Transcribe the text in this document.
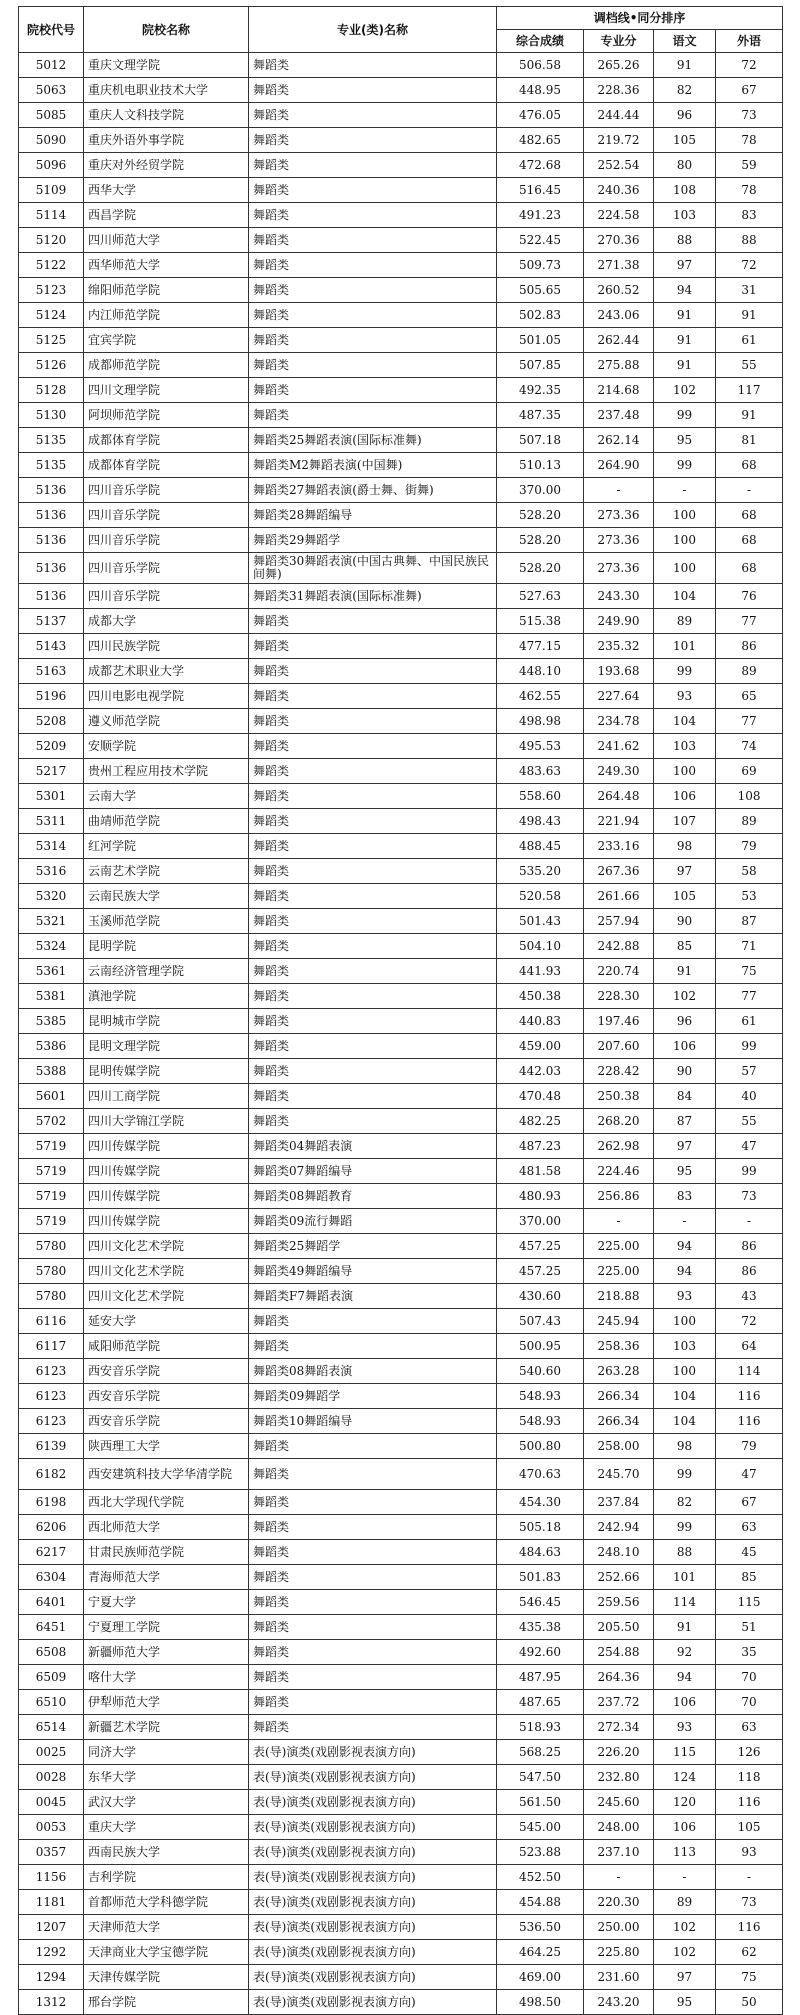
院校代号	院校名称	专业(类)名称	调档线•同分排序			
			综合成绩	专业分	语文	外语
5012	重庆文理学院	舞蹈类	506.58	265.26	91	72
5063	重庆机电职业技术大学	舞蹈类	448.95	228.36	82	67
5085	重庆人文科技学院	舞蹈类	476.05	244.44	96	73
5090	重庆外语外事学院	舞蹈类	482.65	219.72	105	78
5096	重庆对外经贸学院	舞蹈类	472.68	252.54	80	59
5109	西华大学	舞蹈类	516.45	240.36	108	78
5114	西昌学院	舞蹈类	491.23	224.58	103	83
5120	四川师范大学	舞蹈类	522.45	270.36	88	88
5122	西华师范大学	舞蹈类	509.73	271.38	97	72
5123	绵阳师范学院	舞蹈类	505.65	260.52	94	31
5124	内江师范学院	舞蹈类	502.83	243.06	91	91
5125	宜宾学院	舞蹈类	501.05	262.44	91	61
5126	成都师范学院	舞蹈类	507.85	275.88	91	55
5128	四川文理学院	舞蹈类	492.35	214.68	102	117
5130	阿坝师范学院	舞蹈类	487.35	237.48	99	91
5135	成都体育学院	舞蹈类25舞蹈表演(国际标准舞)	507.18	262.14	95	81
5135	成都体育学院	舞蹈类M2舞蹈表演(中国舞)	510.13	264.90	99	68
5136	四川音乐学院	舞蹈类27舞蹈表演(爵士舞、街舞)	370.00	-	-	-
5136	四川音乐学院	舞蹈类28舞蹈编导	528.20	273.36	100	68
5136	四川音乐学院	舞蹈类29舞蹈学	528.20	273.36	100	68
5136	四川音乐学院	舞蹈类30舞蹈表演(中国古典舞、中国民族民间舞)	528.20	273.36	100	68
5136	四川音乐学院	舞蹈类31舞蹈表演(国际标准舞)	527.63	243.30	104	76
5137	成都大学	舞蹈类	515.38	249.90	89	77
5143	四川民族学院	舞蹈类	477.15	235.32	101	86
5163	成都艺术职业大学	舞蹈类	448.10	193.68	99	89
5196	四川电影电视学院	舞蹈类	462.55	227.64	93	65
5208	遵义师范学院	舞蹈类	498.98	234.78	104	77
5209	安顺学院	舞蹈类	495.53	241.62	103	74
5217	贵州工程应用技术学院	舞蹈类	483.63	249.30	100	69
5301	云南大学	舞蹈类	558.60	264.48	106	108
5311	曲靖师范学院	舞蹈类	498.43	221.94	107	89
5314	红河学院	舞蹈类	488.45	233.16	98	79
5316	云南艺术学院	舞蹈类	535.20	267.36	97	58
5320	云南民族大学	舞蹈类	520.58	261.66	105	53
5321	玉溪师范学院	舞蹈类	501.43	257.94	90	87
5324	昆明学院	舞蹈类	504.10	242.88	85	71
5361	云南经济管理学院	舞蹈类	441.93	220.74	91	75
5381	滇池学院	舞蹈类	450.38	228.30	102	77
5385	昆明城市学院	舞蹈类	440.83	197.46	96	61
5386	昆明文理学院	舞蹈类	459.00	207.60	106	99
5388	昆明传媒学院	舞蹈类	442.03	228.42	90	57
5601	四川工商学院	舞蹈类	470.48	250.38	84	40
5702	四川大学锦江学院	舞蹈类	482.25	268.20	87	55
5719	四川传媒学院	舞蹈类04舞蹈表演	487.23	262.98	97	47
5719	四川传媒学院	舞蹈类07舞蹈编导	481.58	224.46	95	99
5719	四川传媒学院	舞蹈类08舞蹈教育	480.93	256.86	83	73
5719	四川传媒学院	舞蹈类09流行舞蹈	370.00	-	-	-
5780	四川文化艺术学院	舞蹈类25舞蹈学	457.25	225.00	94	86
5780	四川文化艺术学院	舞蹈类49舞蹈编导	457.25	225.00	94	86
5780	四川文化艺术学院	舞蹈类F7舞蹈表演	430.60	218.88	93	43
6116	延安大学	舞蹈类	507.43	245.94	100	72
6117	咸阳师范学院	舞蹈类	500.95	258.36	103	64
6123	西安音乐学院	舞蹈类08舞蹈表演	540.60	263.28	100	114
6123	西安音乐学院	舞蹈类09舞蹈学	548.93	266.34	104	116
6123	西安音乐学院	舞蹈类10舞蹈编导	548.93	266.34	104	116
6139	陕西理工大学	舞蹈类	500.80	258.00	98	79
6182	西安建筑科技大学华清学院	舞蹈类	470.63	245.70	99	47
6198	西北大学现代学院	舞蹈类	454.30	237.84	82	67
6206	西北师范大学	舞蹈类	505.18	242.94	99	63
6217	甘肃民族师范学院	舞蹈类	484.63	248.10	88	45
6304	青海师范大学	舞蹈类	501.83	252.66	101	85
6401	宁夏大学	舞蹈类	546.45	259.56	114	115
6451	宁夏理工学院	舞蹈类	435.38	205.50	91	51
6508	新疆师范大学	舞蹈类	492.60	254.88	92	35
6509	喀什大学	舞蹈类	487.95	264.36	94	70
6510	伊犁师范大学	舞蹈类	487.65	237.72	106	70
6514	新疆艺术学院	舞蹈类	518.93	272.34	93	63
0025	同济大学	表(导)演类(戏剧影视表演方向)	568.25	226.20	115	126
0028	东华大学	表(导)演类(戏剧影视表演方向)	547.50	232.80	124	118
0045	武汉大学	表(导)演类(戏剧影视表演方向)	561.50	245.60	120	116
0053	重庆大学	表(导)演类(戏剧影视表演方向)	545.00	248.00	106	105
0357	西南民族大学	表(导)演类(戏剧影视表演方向)	523.88	237.10	113	93
1156	吉利学院	表(导)演类(戏剧影视表演方向)	452.50	-	-	-
1181	首都师范大学科德学院	表(导)演类(戏剧影视表演方向)	454.88	220.30	89	73
1207	天津师范大学	表(导)演类(戏剧影视表演方向)	536.50	250.00	102	116
1292	天津商业大学宝德学院	表(导)演类(戏剧影视表演方向)	464.25	225.80	102	62
1294	天津传媒学院	表(导)演类(戏剧影视表演方向)	469.00	231.60	97	75
1312	邢台学院	表(导)演类(戏剧影视表演方向)	498.50	243.20	95	50
